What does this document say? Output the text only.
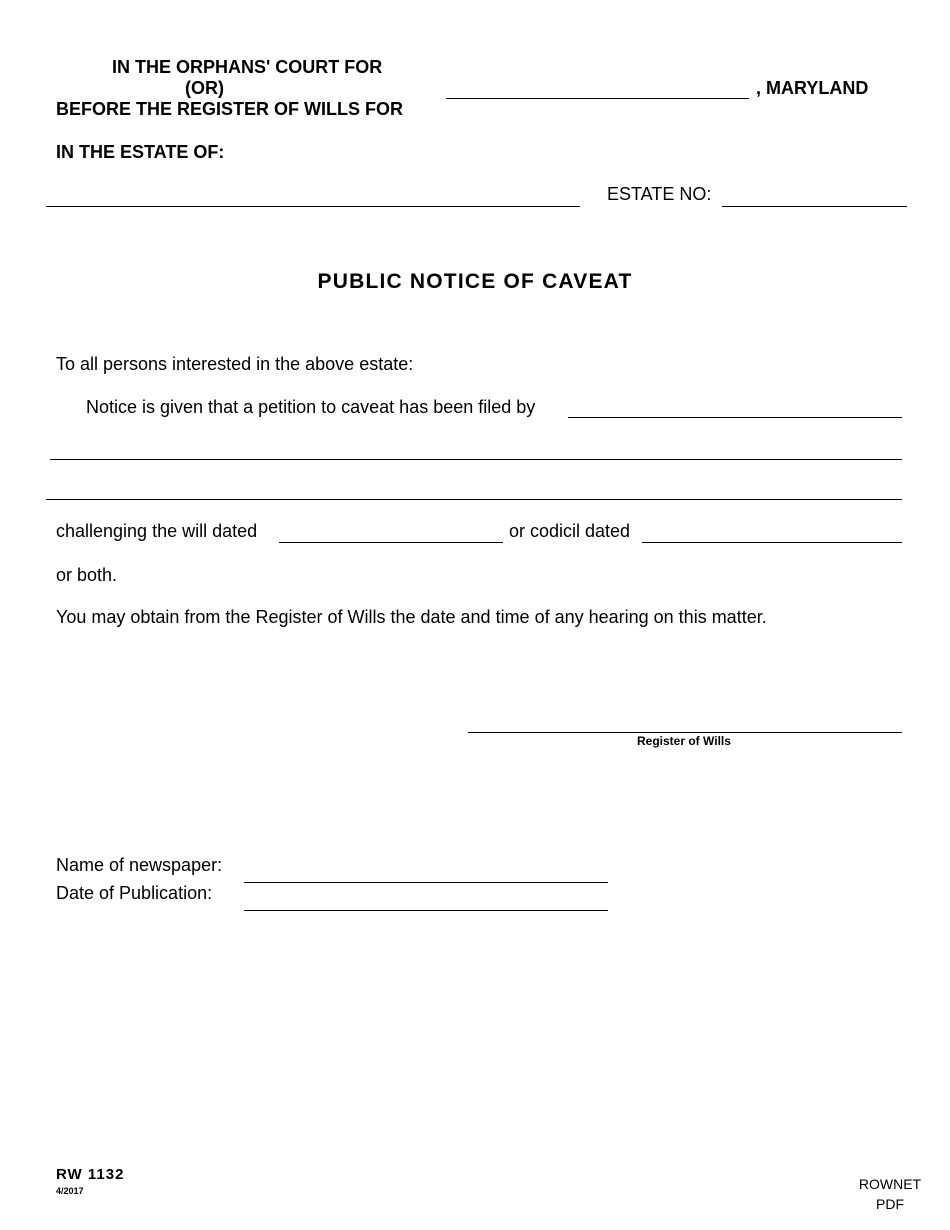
IN THE ORPHANS' COURT FOR
(OR)
BEFORE THE REGISTER OF WILLS FOR
, MARYLAND
IN THE ESTATE OF:
ESTATE NO:
PUBLIC NOTICE OF CAVEAT
To all persons interested in the above estate:
Notice is given that a petition to caveat has been filed by
challenging the will dated	or codicil dated
or both.
You may obtain from the Register of Wills the date and time of any hearing on this matter.
Register of Wills
Name of newspaper:
Date of Publication:
RW 1132
4/2017	ROWNET
PDF
